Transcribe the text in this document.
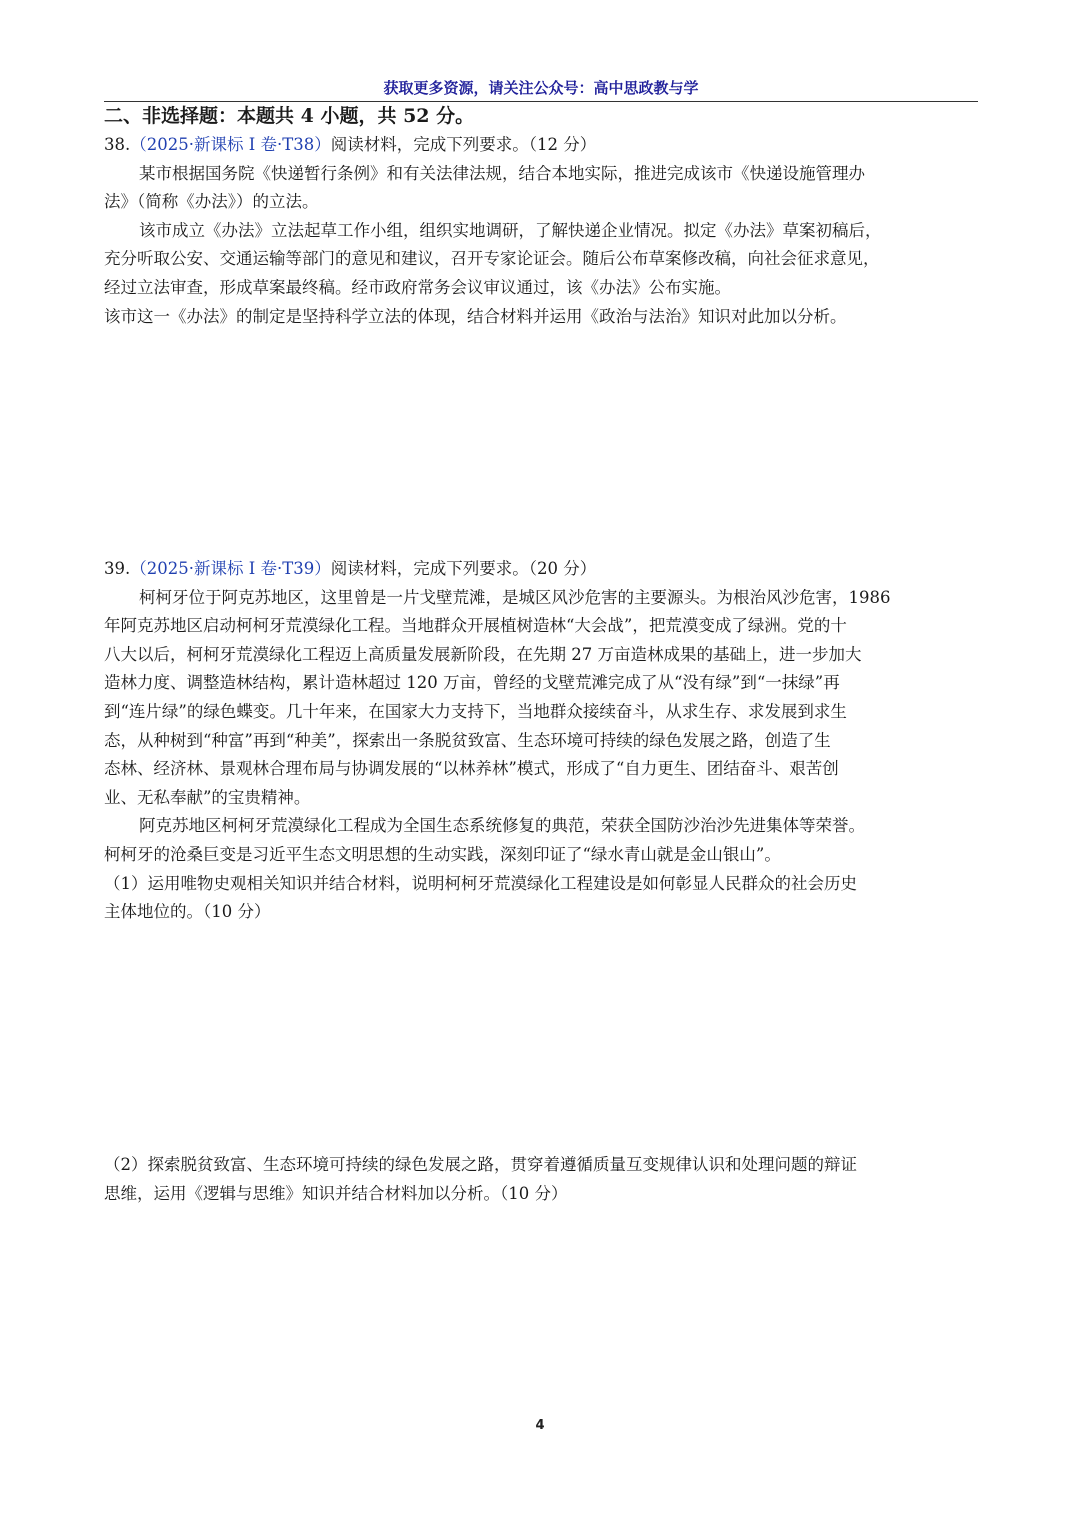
获取更多资源，请关注公众号：高中思政教与学
二、非选择题：本题共 4 小题，共 52 分。
38.（2025·新课标 I 卷·T38）阅读材料，完成下列要求。（12 分）
某市根据国务院《快递暂行条例》和有关法律法规，结合本地实际，推进完成该市《快递设施管理办
法》（简称《办法》）的立法。
该市成立《办法》立法起草工作小组，组织实地调研，了解快递企业情况。拟定《办法》草案初稿后，
充分听取公安、交通运输等部门的意见和建议，召开专家论证会。随后公布草案修改稿，向社会征求意见，
经过立法审查，形成草案最终稿。经市政府常务会议审议通过，该《办法》公布实施。
该市这一《办法》的制定是坚持科学立法的体现，结合材料并运用《政治与法治》知识对此加以分析。
39.（2025·新课标 I 卷·T39）阅读材料，完成下列要求。（20 分）
柯柯牙位于阿克苏地区，这里曾是一片戈壁荒滩，是城区风沙危害的主要源头。为根治风沙危害，1986
年阿克苏地区启动柯柯牙荒漠绿化工程。当地群众开展植树造林“大会战”，把荒漠变成了绿洲。党的十
八大以后，柯柯牙荒漠绿化工程迈上高质量发展新阶段，在先期 27 万亩造林成果的基础上，进一步加大
造林力度、调整造林结构，累计造林超过 120 万亩，曾经的戈壁荒滩完成了从“没有绿”到“一抹绿”再
到“连片绿”的绿色蝶变。几十年来，在国家大力支持下，当地群众接续奋斗，从求生存、求发展到求生
态，从种树到“种富”再到“种美”，探索出一条脱贫致富、生态环境可持续的绿色发展之路，创造了生
态林、经济林、景观林合理布局与协调发展的“以林养林”模式，形成了“自力更生、团结奋斗、艰苦创
业、无私奉献”的宝贵精神。
阿克苏地区柯柯牙荒漠绿化工程成为全国生态系统修复的典范，荣获全国防沙治沙先进集体等荣誉。
柯柯牙的沧桑巨变是习近平生态文明思想的生动实践，深刻印证了“绿水青山就是金山银山”。
（1）运用唯物史观相关知识并结合材料，说明柯柯牙荒漠绿化工程建设是如何彰显人民群众的社会历史
主体地位的。（10 分）
（2）探索脱贫致富、生态环境可持续的绿色发展之路，贯穿着遵循质量互变规律认识和处理问题的辩证
思维，运用《逻辑与思维》知识并结合材料加以分析。（10 分）
4
